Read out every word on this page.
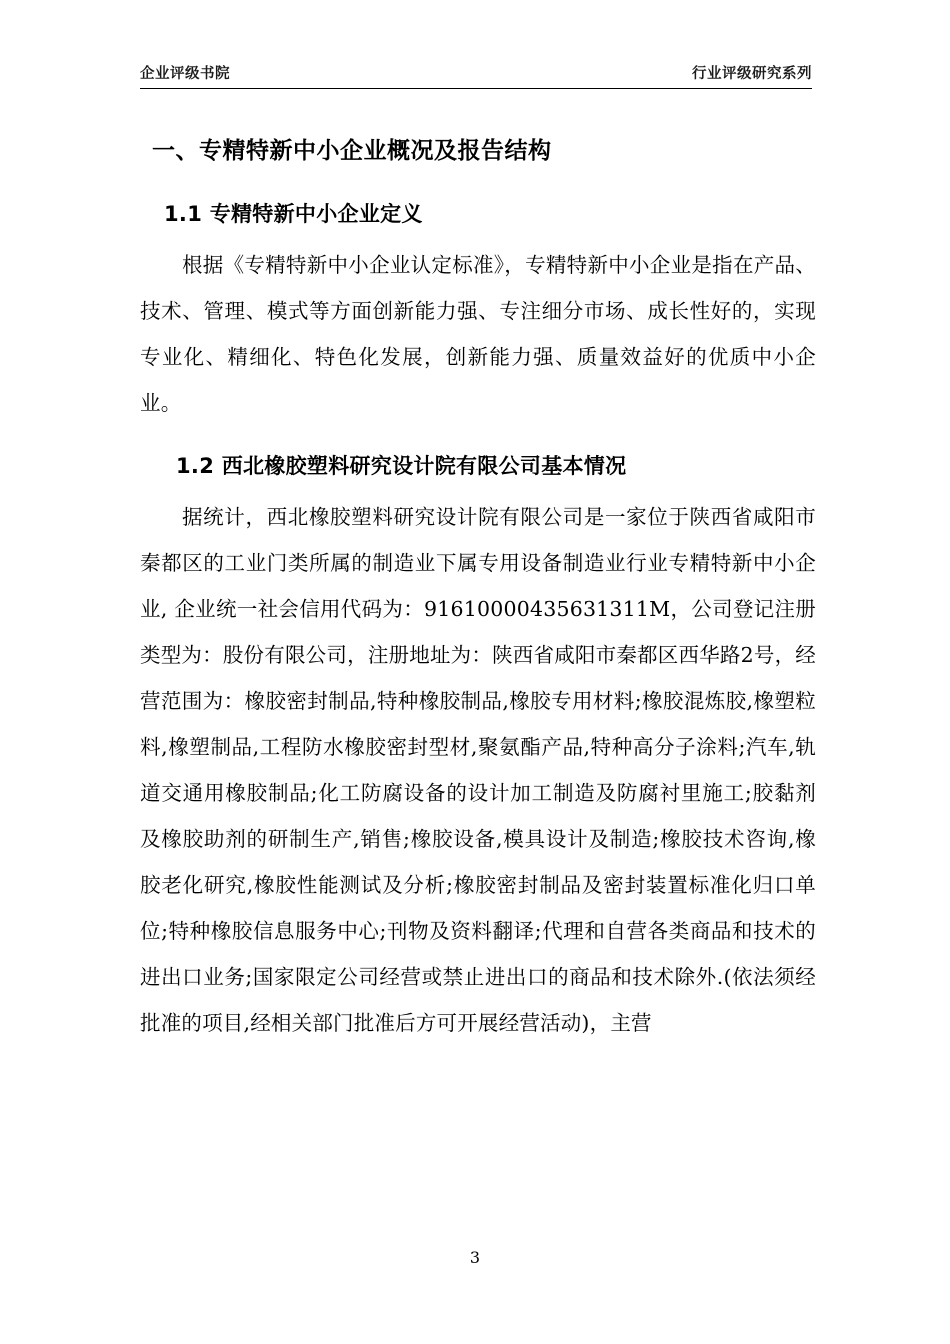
企业评级书院	行业评级研究系列
一、专精特新中小企业概况及报告结构
1.1 专精特新中小企业定义

根据《专精特新中小企业认定标准》，专精特新中小企业是指在产品、技术、管理、模式等方面创新能力强、专注细分市场、成长性好的，实现专业化、精细化、特色化发展，创新能力强、质量效益好的优质中小企业。

1.2 西北橡胶塑料研究设计院有限公司基本情况

据统计，西北橡胶塑料研究设计院有限公司是一家位于陕西省咸阳市秦都区的工业门类所属的制造业下属专用设备制造业行业专精特新中小企业, 企业统一社会信用代码为：91610000435631311M，公司登记注册类型为：股份有限公司，注册地址为：陕西省咸阳市秦都区西华路2号，经营范围为：橡胶密封制品,特种橡胶制品,橡胶专用材料;橡胶混炼胶,橡塑粒料,橡塑制品,工程防水橡胶密封型材,聚氨酯产品,特种高分子涂料;汽车,轨道交通用橡胶制品;化工防腐设备的设计加工制造及防腐衬里施工;胶黏剂及橡胶助剂的研制生产,销售;橡胶设备,模具设计及制造;橡胶技术咨询,橡胶老化研究,橡胶性能测试及分析;橡胶密封制品及密封装置标准化归口单位;特种橡胶信息服务中心;刊物及资料翻译;代理和自营各类商品和技术的进出口业务;国家限定公司经营或禁止进出口的商品和技术除外.(依法须经批准的项目,经相关部门批准后方可开展经营活动)，主营

3
